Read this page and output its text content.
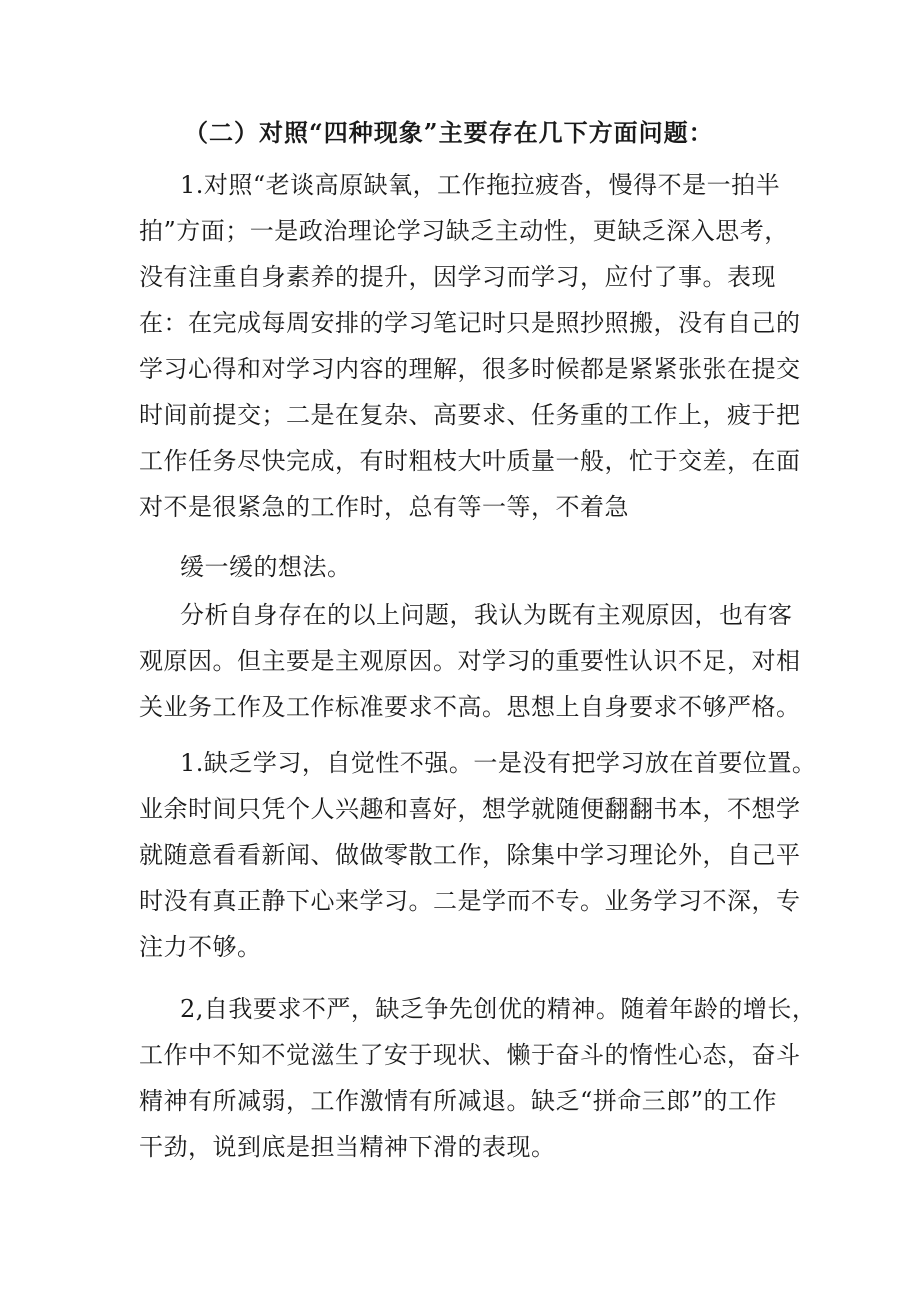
（二）对照“四种现象”主要存在几下方面问题：
1.对照“老谈高原缺氧，工作拖拉疲沓，慢得不是一拍半
拍”方面；一是政治理论学习缺乏主动性，更缺乏深入思考，
没有注重自身素养的提升，因学习而学习，应付了事。表现
在：在完成每周安排的学习笔记时只是照抄照搬，没有自己的
学习心得和对学习内容的理解，很多时候都是紧紧张张在提交
时间前提交；二是在复杂、高要求、任务重的工作上，疲于把
工作任务尽快完成，有时粗枝大叶质量一般，忙于交差，在面
对不是很紧急的工作时，总有等一等，不着急
缓一缓的想法。
分析自身存在的以上问题，我认为既有主观原因，也有客
观原因。但主要是主观原因。对学习的重要性认识不足，对相
关业务工作及工作标准要求不高。思想上自身要求不够严格。
1.缺乏学习，自觉性不强。一是没有把学习放在首要位置。
业余时间只凭个人兴趣和喜好，想学就随便翻翻书本，不想学
就随意看看新闻、做做零散工作，除集中学习理论外，自己平
时没有真正静下心来学习。二是学而不专。业务学习不深，专
注力不够。
2,自我要求不严，缺乏争先创优的精神。随着年龄的增长，
工作中不知不觉滋生了安于现状、懒于奋斗的惰性心态，奋斗
精神有所减弱，工作激情有所减退。缺乏“拼命三郎”的工作
干劲，说到底是担当精神下滑的表现。
